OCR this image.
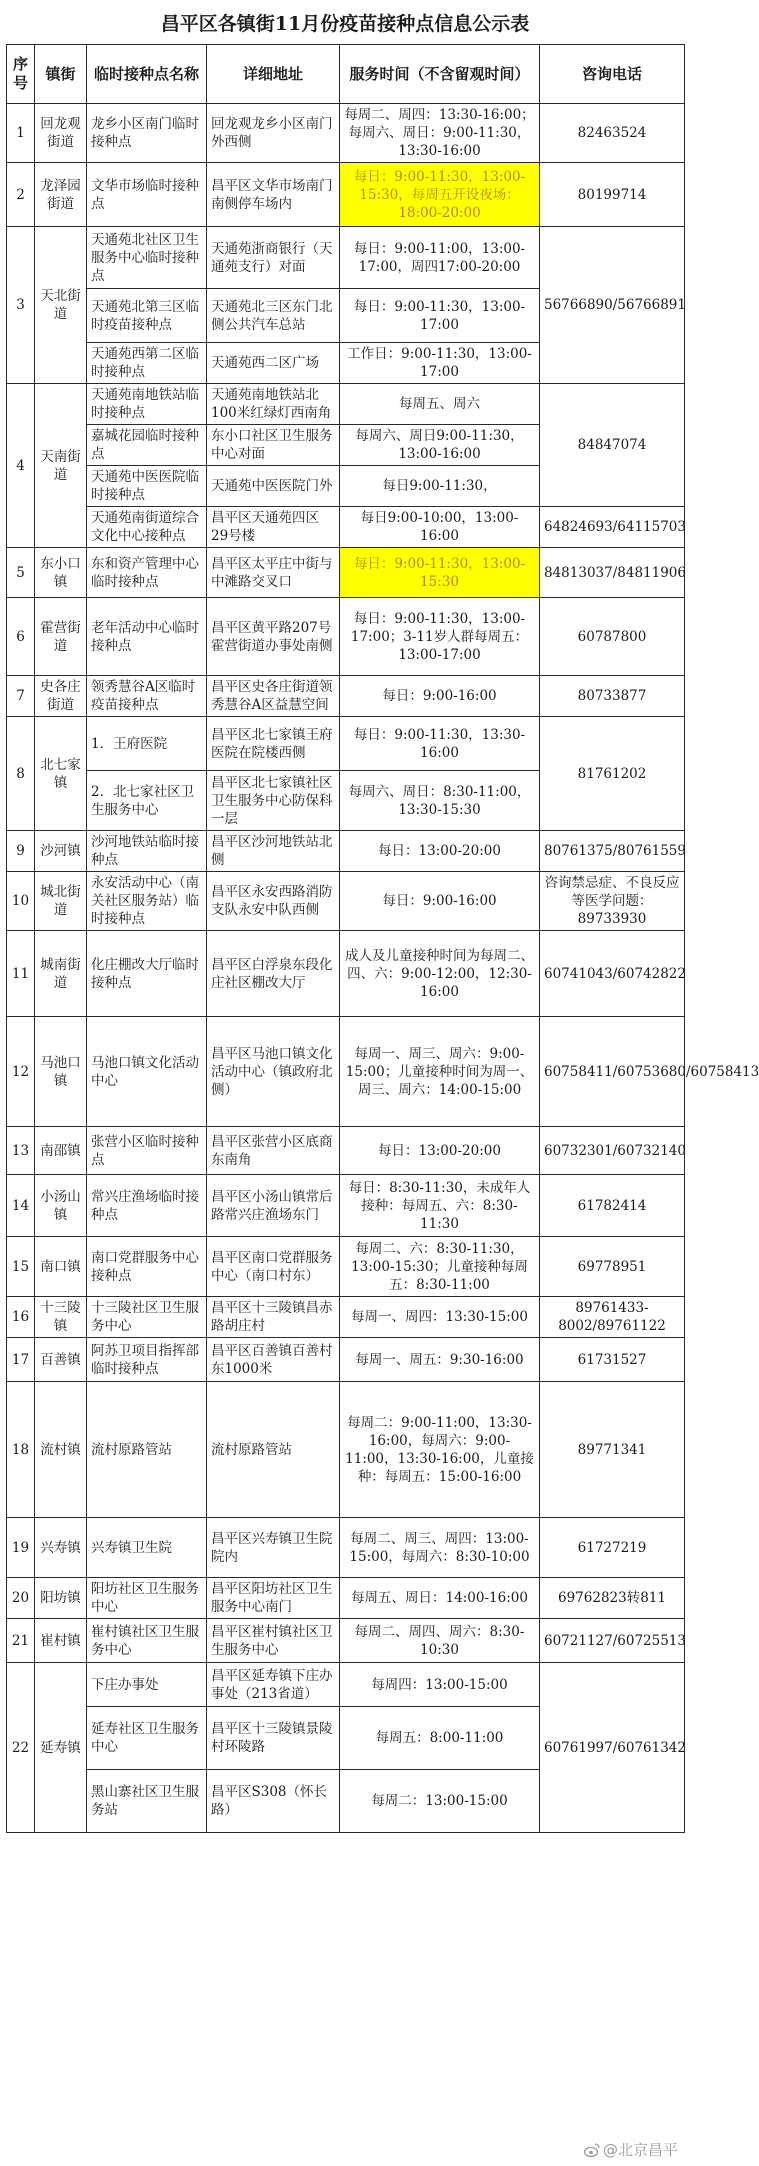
昌平区各镇街11月份疫苗接种点信息公示表
序号	镇街	临时接种点名称	详细地址	服务时间（不含留观时间）	咨询电话
1	回龙观街道	龙乡小区南门临时接种点	回龙观龙乡小区南门外西侧	每周二、周四：13:30-16:00；每周六、周日：9:00-11:30，13:30-16:00	82463524
2	龙泽园街道	文华市场临时接种点	昌平区文华市场南门南侧停车场内	每日：9:00-11:30，13:00-15:30，每周五开设夜场：18:00-20:00	80199714
3	天北街道	天通苑北社区卫生服务中心临时接种点	天通苑浙商银行（天通苑支行）对面	每日：9:00-11:00，13:00-17:00，周四17:00-20:00	56766890/56766891
		天通苑北第三区临时疫苗接种点	天通苑北三区东门北侧公共汽车总站	每日：9:00-11:30，13:00-17:00	
		天通苑西第二区临时接种点	天通苑西二区广场	工作日：9:00-11:30，13:00-17:00	
4	天南街道	天通苑南地铁站临时接种点	天通苑南地铁站北100米红绿灯西南角	每周五、周六	84847074
		嘉城花园临时接种点	东小口社区卫生服务中心对面	每周六、周日9:00-11:30，13:00-16:00	
		天通苑中医医院临时接种点	天通苑中医医院门外	每日9:00-11:30，	
		天通苑南街道综合文化中心接种点	昌平区天通苑四区29号楼	每日9:00-10:00，13:00-16:00	64824693/64115703
5	东小口镇	东和资产管理中心临时接种点	昌平区太平庄中街与中滩路交叉口	每日：9:00-11:30，13:00-15:30	84813037/84811906
6	霍营街道	老年活动中心临时接种点	昌平区黄平路207号霍营街道办事处南侧	每日：9:00-11:30，13:00-17:00；3-11岁人群每周五：13:00-17:00	60787800
7	史各庄街道	领秀慧谷A区临时疫苗接种点	昌平区史各庄街道领秀慧谷A区益慧空间	每日：9:00-16:00	80733877
8	北七家镇	1．王府医院	昌平区北七家镇王府医院在院楼西侧	每日：9:00-11:30，13:30-16:00	81761202
		2．北七家社区卫生服务中心	昌平区北七家镇社区卫生服务中心防保科一层	每周六、周日：8:30-11:00，13:30-15:30	
9	沙河镇	沙河地铁站临时接种点	昌平区沙河地铁站北侧	每日：13:00-20:00	80761375/80761559
10	城北街道	永安活动中心（南关社区服务站）临时接种点	昌平区永安西路消防支队永安中队西侧	每日：9:00-16:00	咨询禁忌症、不良反应等医学问题：89733930
11	城南街道	化庄棚改大厅临时接种点	昌平区白浮泉东段化庄社区棚改大厅	成人及儿童接种时间为每周二、四、六：9:00-12:00，12:30-16:00	60741043/60742822
12	马池口镇	马池口镇文化活动中心	昌平区马池口镇文化活动中心（镇政府北侧）	每周一、周三、周六：9:00-15:00；儿童接种时间为周一、周三、周六：14:00-15:00	60758411/60753680/60758413
13	南邵镇	张营小区临时接种点	昌平区张营小区底商东南角	每日：13:00-20:00	60732301/60732140
14	小汤山镇	常兴庄渔场临时接种点	昌平区小汤山镇常后路常兴庄渔场东门	每日：8:30-11:30，未成年人接种：每周五、六：8:30-11:30	61782414
15	南口镇	南口党群服务中心接种点	昌平区南口党群服务中心（南口村东）	每周二、六：8:30-11:30，13:00-15:30；儿童接种每周五：8:30-11:00	69778951
16	十三陵镇	十三陵社区卫生服务中心	昌平区十三陵镇昌赤路胡庄村	每周一、周四：13:30-15:00	89761433-8002/89761122
17	百善镇	阿苏卫项目指挥部临时接种点	昌平区百善镇百善村东1000米	每周一、周五：9:30-16:00	61731527
18	流村镇	流村原路管站	流村原路管站	每周二：9:00-11:00，13:30-16:00，每周六：9:00-11:00，13:30-16:00，儿童接种：每周五：15:00-16:00	89771341
19	兴寿镇	兴寿镇卫生院	昌平区兴寿镇卫生院院内	每周二、周三、周四：13:00-15:00，每周六：8:30-10:00	61727219
20	阳坊镇	阳坊社区卫生服务中心	昌平区阳坊社区卫生服务中心南门	每周五、周日：14:00-16:00	69762823转811
21	崔村镇	崔村镇社区卫生服务中心	昌平区崔村镇社区卫生服务中心	每周二、周四、周六：8:30-10:30	60721127/60725513
22	延寿镇	下庄办事处	昌平区延寿镇下庄办事处（213省道）	每周四：13:00-15:00	60761997/60761342
		延寿社区卫生服务中心	昌平区十三陵镇景陵村环陵路	每周五：8:00-11:00	
		黑山寨社区卫生服务站	昌平区S308（怀长路）	每周二：13:00-15:00	
@北京昌平
